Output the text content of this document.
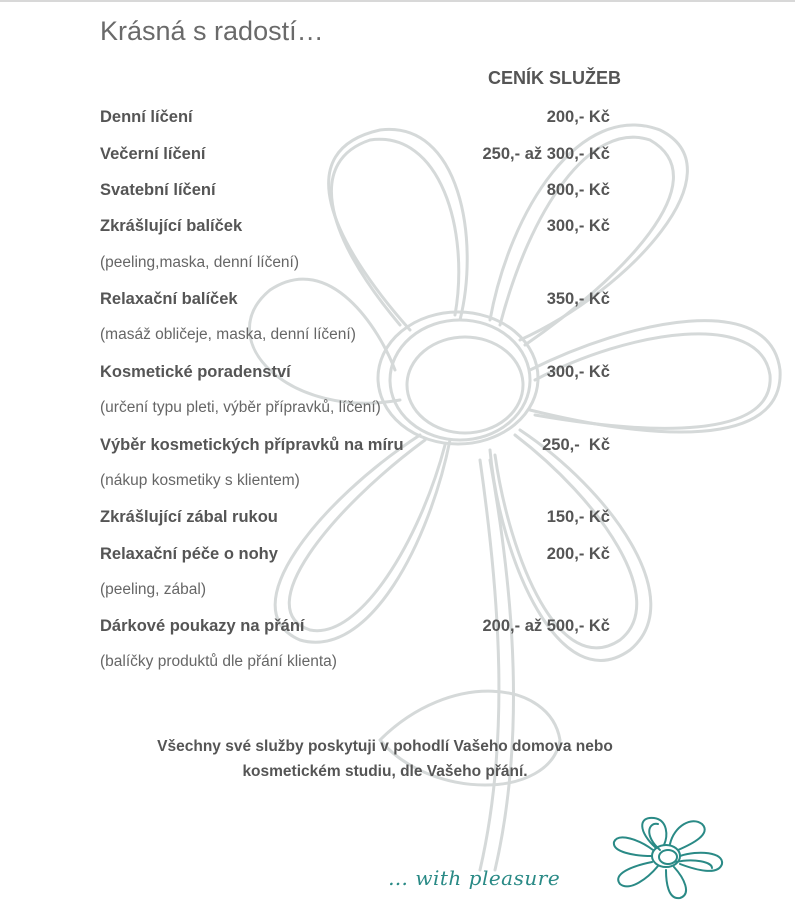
Krásná s radostí…
CENÍK SLUŽEB
Denní líčení	200,- Kč
Večerní líčení	250,- až 300,- Kč
Svatební líčení	800,- Kč
Zkrášlující balíček	300,- Kč
(peeling,maska, denní líčení)
Relaxační balíček	350,- Kč
(masáž obličeje, maska, denní líčení)
Kosmetické poradenství	300,- Kč
(určení typu pleti, výběr přípravků, líčení)
Výběr kosmetických přípravků na míru	250,-  Kč
(nákup kosmetiky s klientem)
Zkrášlující zábal rukou	150,- Kč
Relaxační péče o nohy	200,- Kč
(peeling, zábal)
Dárkové poukazy na přání	200,- až 500,- Kč
(balíčky produktů dle přání klienta)
Všechny své služby poskytuji v pohodlí Vašeho domova nebo
kosmetickém studiu, dle Vašeho přání.
… with pleasure
